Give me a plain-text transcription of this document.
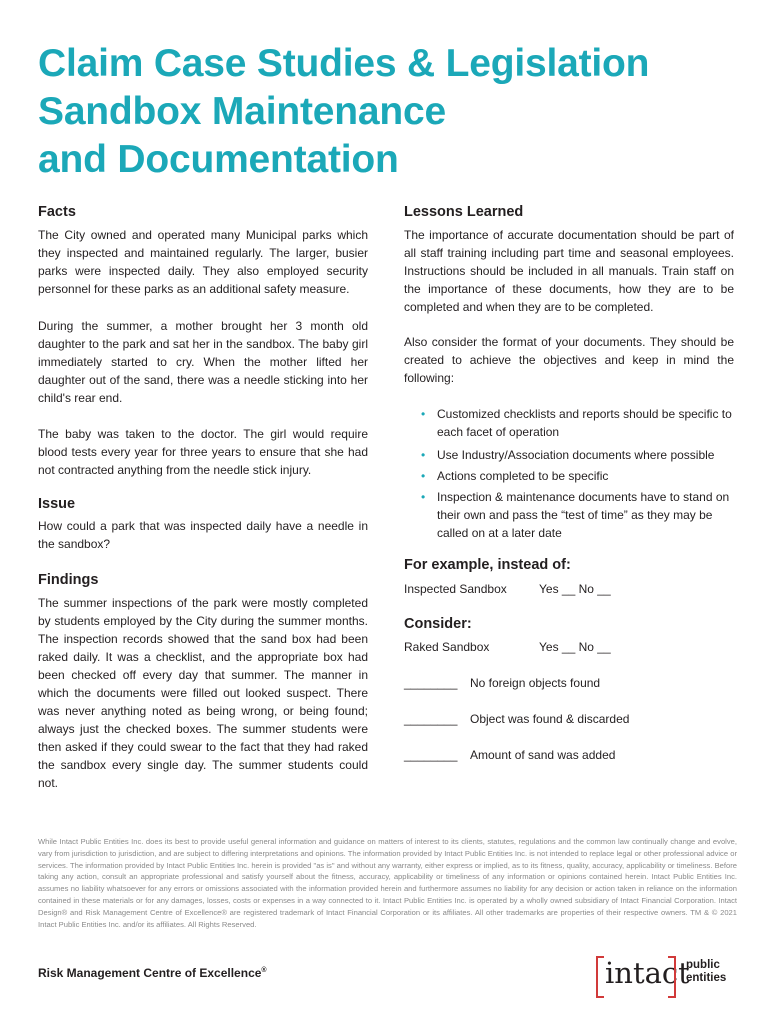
Claim Case Studies & Legislation
Sandbox Maintenance
and Documentation
Facts

The City owned and operated many Municipal parks which they inspected and maintained regularly. The larger, busier parks were inspected daily. They also employed security personnel for these parks as an additional safety measure.

During the summer, a mother brought her 3 month old daughter to the park and sat her in the sandbox. The baby girl immediately started to cry. When the mother lifted her daughter out of the sand, there was a needle sticking into her child's rear end.

The baby was taken to the doctor. The girl would require blood tests every year for three years to ensure that she had not contracted anything from the needle stick injury.

Issue

How could a park that was inspected daily have a needle in the sandbox?

Findings

The summer inspections of the park were mostly completed by students employed by the City during the summer months. The inspection records showed that the sand box had been raked daily. It was a checklist, and the appropriate box had been checked off every day that summer. The manner in which the documents were filled out looked suspect. There was never anything noted as being wrong, or being found; always just the checked boxes. The summer students were then asked if they could swear to the fact that they had raked the sandbox every single day. The summer students could not.

Lessons Learned

The importance of accurate documentation should be part of all staff training including part time and seasonal employees. Instructions should be included in all manuals. Train staff on the importance of these documents, how they are to be completed and when they are to be completed.

Also consider the format of your documents. They should be created to achieve the objectives and keep in mind the following:

• Customized checklists and reports should be specific to each facet of operation
• Use Industry/Association documents where possible
• Actions completed to be specific
• Inspection & maintenance documents have to stand on their own and pass the “test of time” as they may be called on at a later date
For example, instead of:
Inspected Sandbox	Yes __ No __
Consider:
Raked Sandbox	Yes __ No __
________ No foreign objects found
________ Object was found & discarded
________ Amount of sand was added

While Intact Public Entities Inc. does its best to provide useful general information and guidance on matters of interest to its clients, statutes, regulations and the common law continually change and evolve, vary from jurisdiction to jurisdiction, and are subject to differing interpretations and opinions. The information provided by Intact Public Entities Inc. is not intended to replace legal or other professional advice or services. The information provided by Intact Public Entities Inc. herein is provided "as is" and without any warranty, either express or implied, as to its fitness, quality, accuracy, applicability or timeliness. Before taking any action, consult an appropriate professional and satisfy yourself about the fitness, accuracy, applicability or timeliness of any information or opinions contained herein. Intact Public Entities Inc. assumes no liability whatsoever for any errors or omissions associated with the information provided herein and furthermore assumes no liability for any decision or action taken in reliance on the information contained in these materials or for any damages, losses, costs or expenses in a way connected to it. Intact Public Entities Inc. is operated by a wholly owned subsidiary of Intact Financial Corporation. Intact Design® and Risk Management Centre of Excellence® are registered trademark of Intact Financial Corporation or its affiliates. All other trademarks are properties of their respective owners. TM & © 2021 Intact Public Entities Inc. and/or its affiliates. All Rights Reserved.

Risk Management Centre of Excellence®	intact
public
entities
